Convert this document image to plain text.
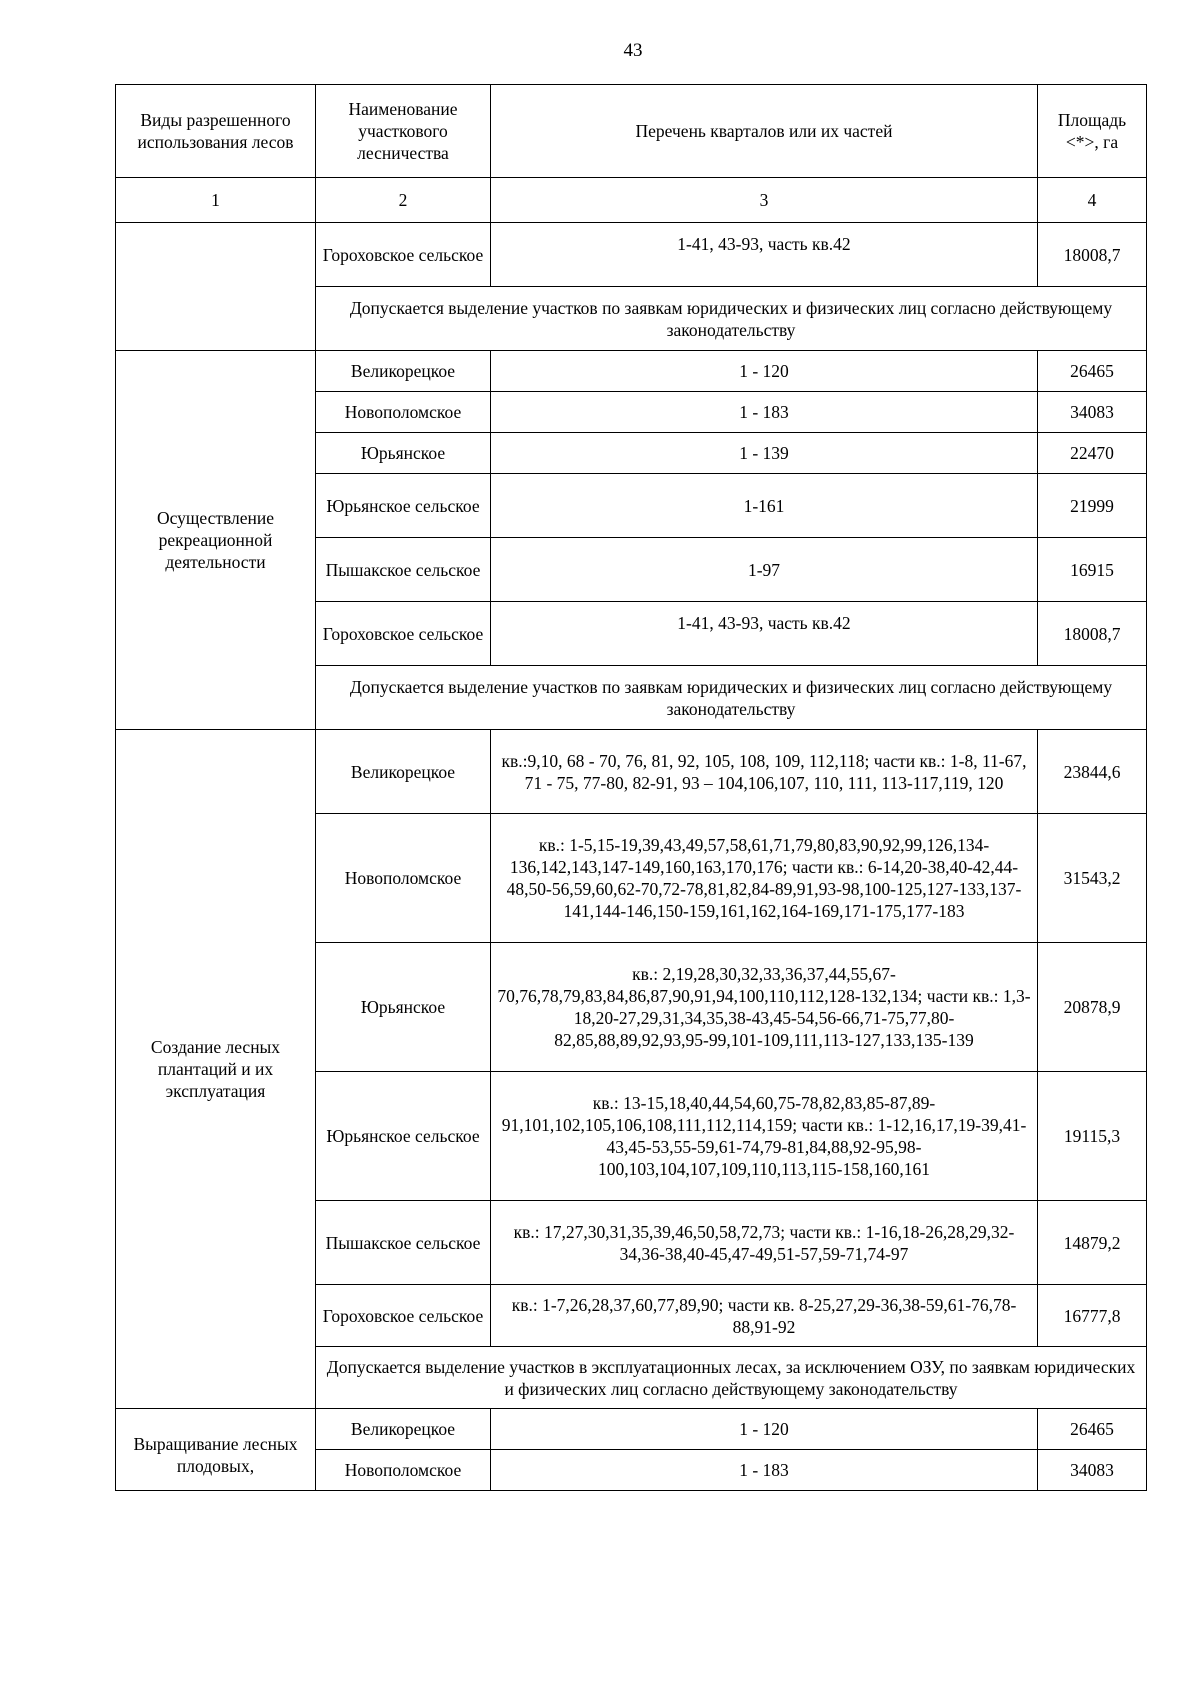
43
Виды разрешенного использования лесов	Наименование участкового лесничества	Перечень кварталов или их частей	Площадь <*>, га
1	2	3	4
	Гороховское сельское	1-41, 43-93, часть кв.42	18008,7
	Допускается выделение участков по заявкам юридических и физических лиц согласно действующему законодательству		
Осуществление рекреационной деятельности	Великорецкое	1 - 120	26465
	Новополомское	1 - 183	34083
	Юрьянское	1 - 139	22470
	Юрьянское сельское	1-161	21999
	Пышакское сельское	1-97	16915
	Гороховское сельское	1-41, 43-93, часть кв.42	18008,7
	Допускается выделение участков по заявкам юридических и физических лиц согласно действующему законодательству		
Создание лесных плантаций и их эксплуатация	Великорецкое	кв.:9,10, 68 - 70, 76, 81, 92, 105, 108, 109, 112,118; части кв.: 1-8, 11-67, 71 - 75, 77-80, 82-91, 93 – 104,106,107, 110, 111, 113-117,119, 120	23844,6
	Новополомское	кв.: 1-5,15-19,39,43,49,57,58,61,71,79,80,83,90,92,99,126,134-136,142,143,147-149,160,163,170,176; части кв.: 6-14,20-38,40-42,44-48,50-56,59,60,62-70,72-78,81,82,84-89,91,93-98,100-125,127-133,137-141,144-146,150-159,161,162,164-169,171-175,177-183	31543,2
	Юрьянское	кв.: 2,19,28,30,32,33,36,37,44,55,67-70,76,78,79,83,84,86,87,90,91,94,100,110,112,128-132,134; части кв.: 1,3-18,20-27,29,31,34,35,38-43,45-54,56-66,71-75,77,80-82,85,88,89,92,93,95-99,101-109,111,113-127,133,135-139	20878,9
	Юрьянское сельское	кв.: 13-15,18,40,44,54,60,75-78,82,83,85-87,89-91,101,102,105,106,108,111,112,114,159; части кв.: 1-12,16,17,19-39,41-43,45-53,55-59,61-74,79-81,84,88,92-95,98-100,103,104,107,109,110,113,115-158,160,161	19115,3
	Пышакское сельское	кв.: 17,27,30,31,35,39,46,50,58,72,73; части кв.: 1-16,18-26,28,29,32-34,36-38,40-45,47-49,51-57,59-71,74-97	14879,2
	Гороховское сельское	кв.: 1-7,26,28,37,60,77,89,90; части кв. 8-25,27,29-36,38-59,61-76,78-88,91-92	16777,8
	Допускается выделение участков в эксплуатационных лесах, за исключением ОЗУ, по заявкам юридических и физических лиц согласно действующему законодательству		
Выращивание лесных плодовых,	Великорецкое	1 - 120	26465
	Новополомское	1 - 183	34083
